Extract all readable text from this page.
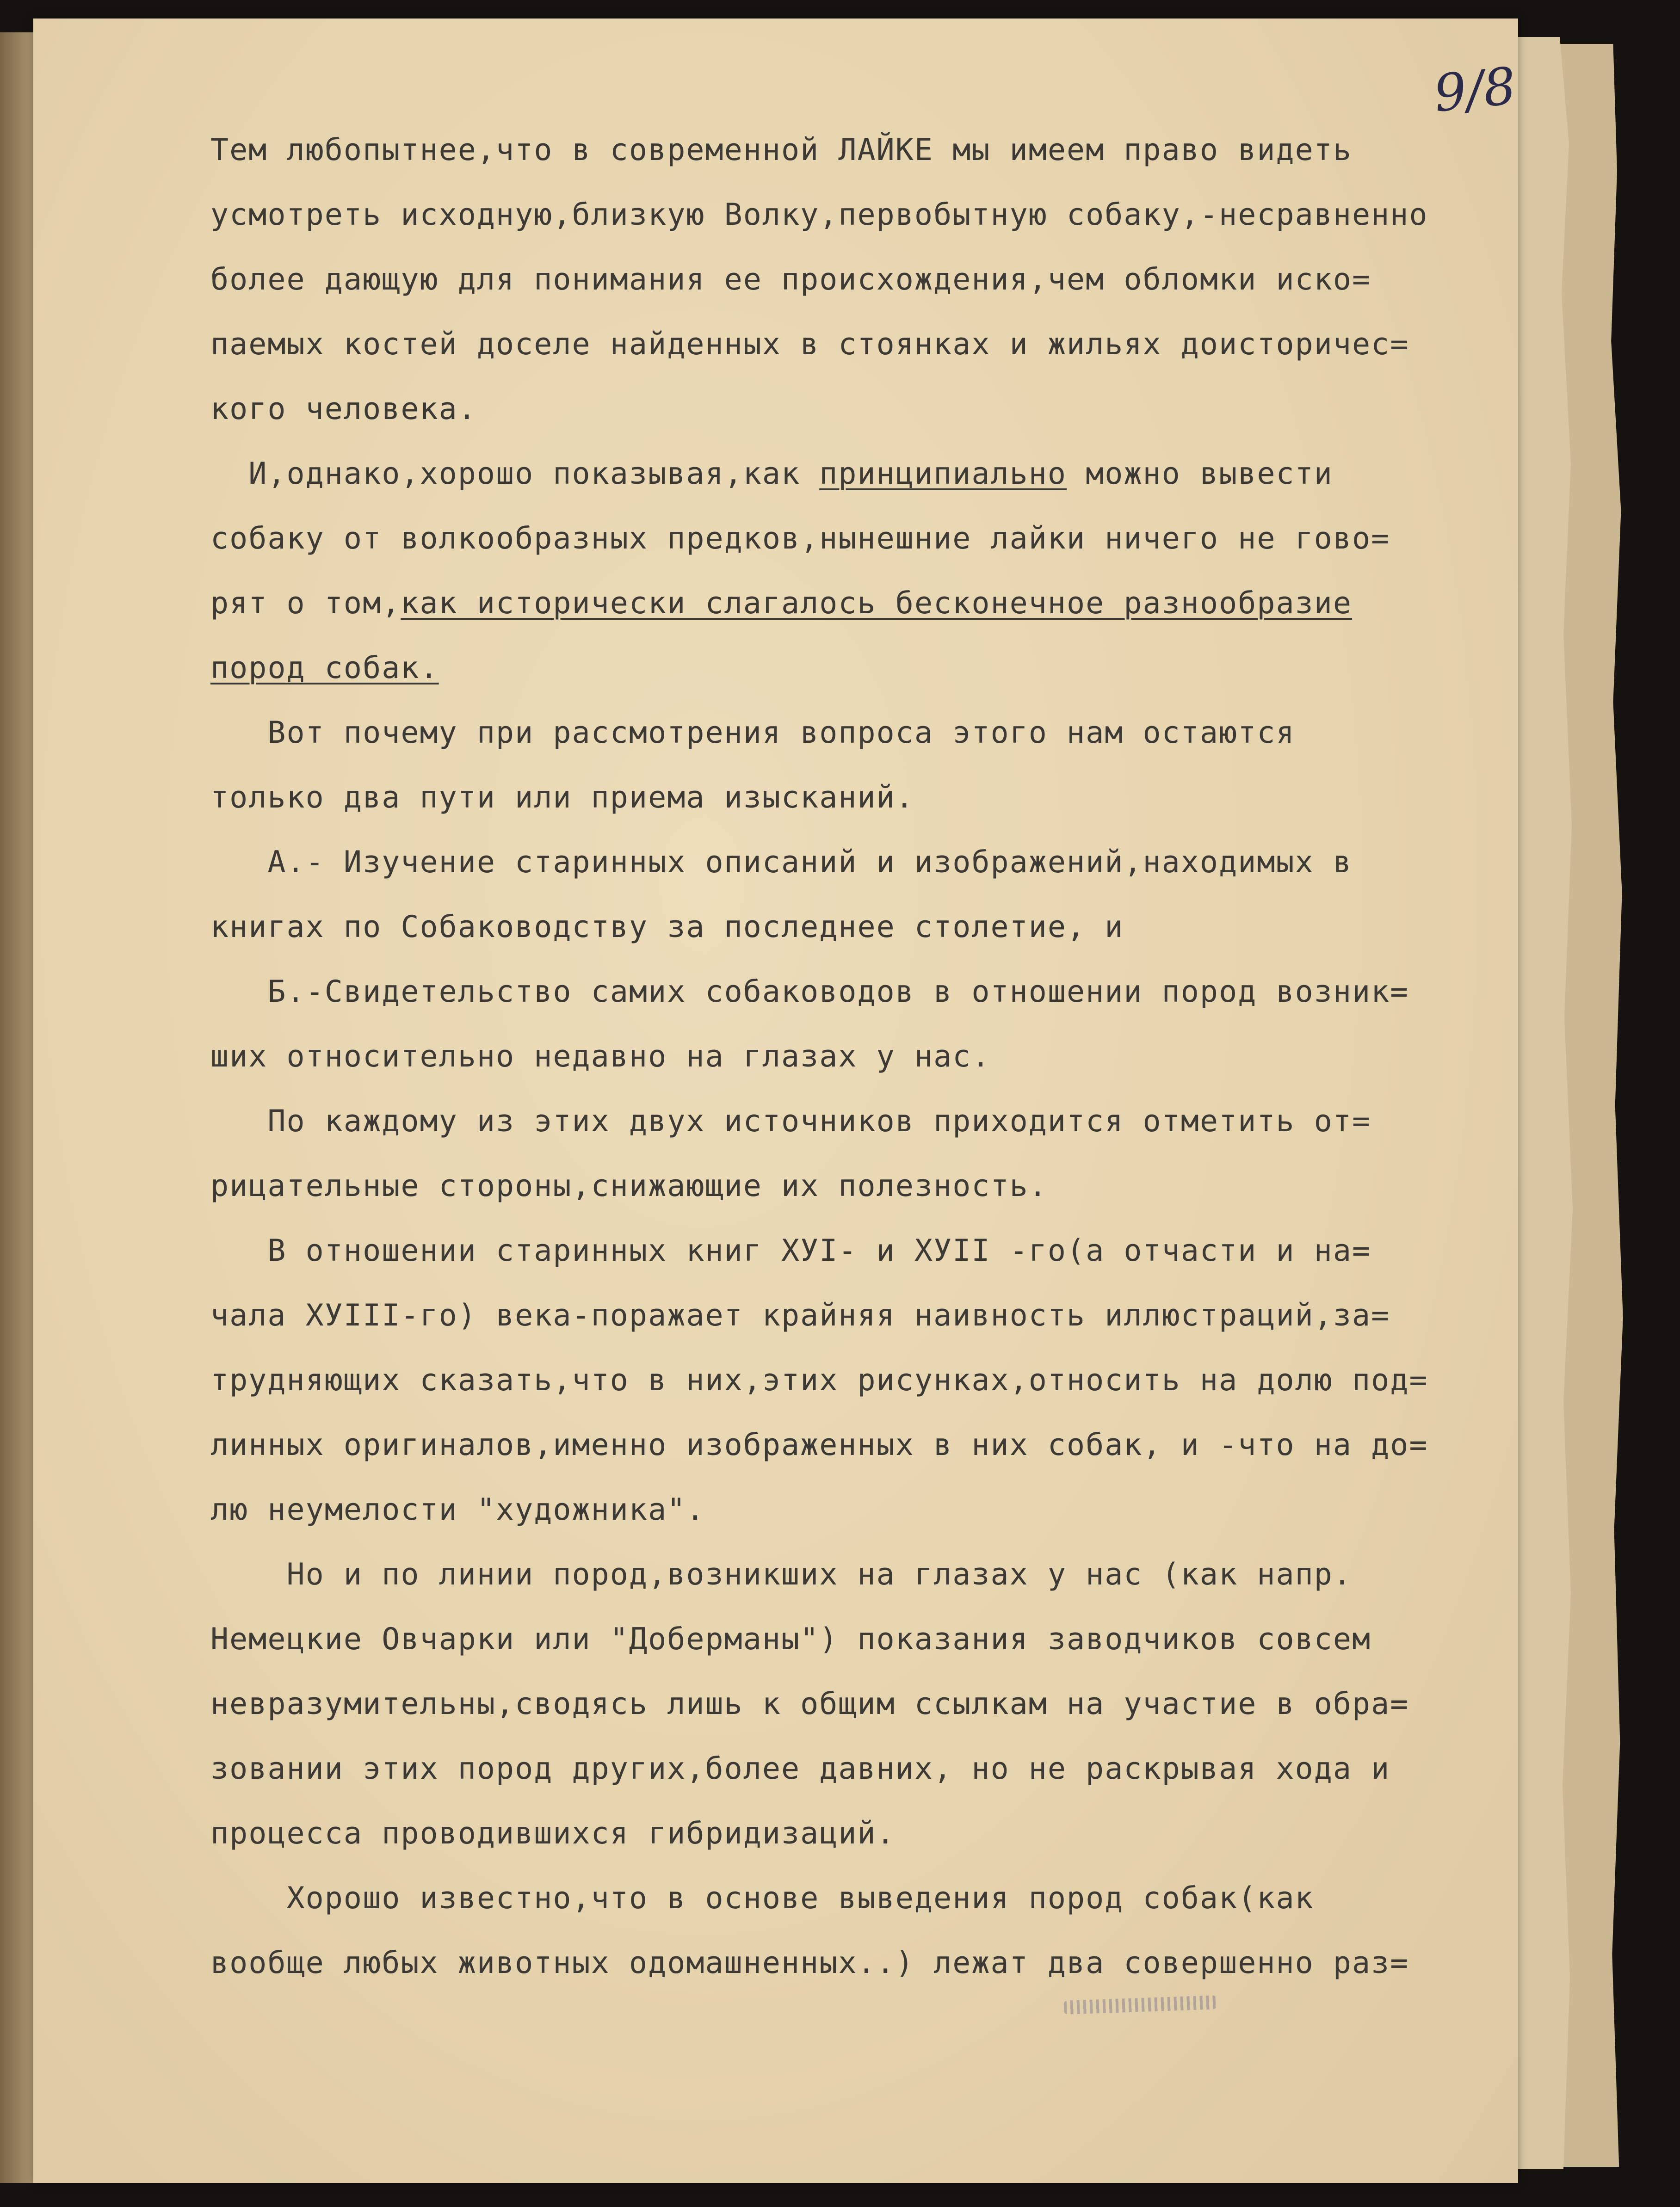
9/8
Тем любопытнее,что в современной ЛАЙКЕ мы имеем право видеть
усмотреть исходную,близкую Волку,первобытную собаку,-несравненно
более дающую для понимания ее происхождения,чем обломки иско=
паемых костей доселе найденных в стоянках и жильях доисторичес=
кого человека.
И,однако,хорошо показывая,как принципиально можно вывести
собаку от волкообразных предков,нынешние лайки ничего не гово=
рят о том,как исторически слагалось бесконечное разнообразие
пород собак.
Вот почему при рассмотрения вопроса этого нам остаются
только два пути или приема изысканий.
А.- Изучение старинных описаний и изображений,находимых в
книгах по Собаководству за последнее столетие, и
Б.-Свидетельство самих собаководов в отношении пород возник=
ших относительно недавно на глазах у нас.
По каждому из этих двух источников приходится отметить от=
рицательные стороны,снижающие их полезность.
В отношении старинных книг ХУI- и ХУII -го(а отчасти и на=
чала ХУIII-го) века-поражает крайняя наивность иллюстраций,за=
трудняющих сказать,что в них,этих рисунках,относить на долю под=
линных оригиналов,именно изображенных в них собак, и -что на до=
лю неумелости "художника".
Но и по линии пород,возникших на глазах у нас (как напр.
Немецкие Овчарки или "Доберманы") показания заводчиков совсем
невразумительны,сводясь лишь к общим ссылкам на участие в обра=
зовании этих пород других,более давних, но не раскрывая хода и
процесса проводившихся гибридизаций.
Хорошо известно,что в основе выведения пород собак(как
вообще любых животных одомашненных..) лежат два совершенно раз=
